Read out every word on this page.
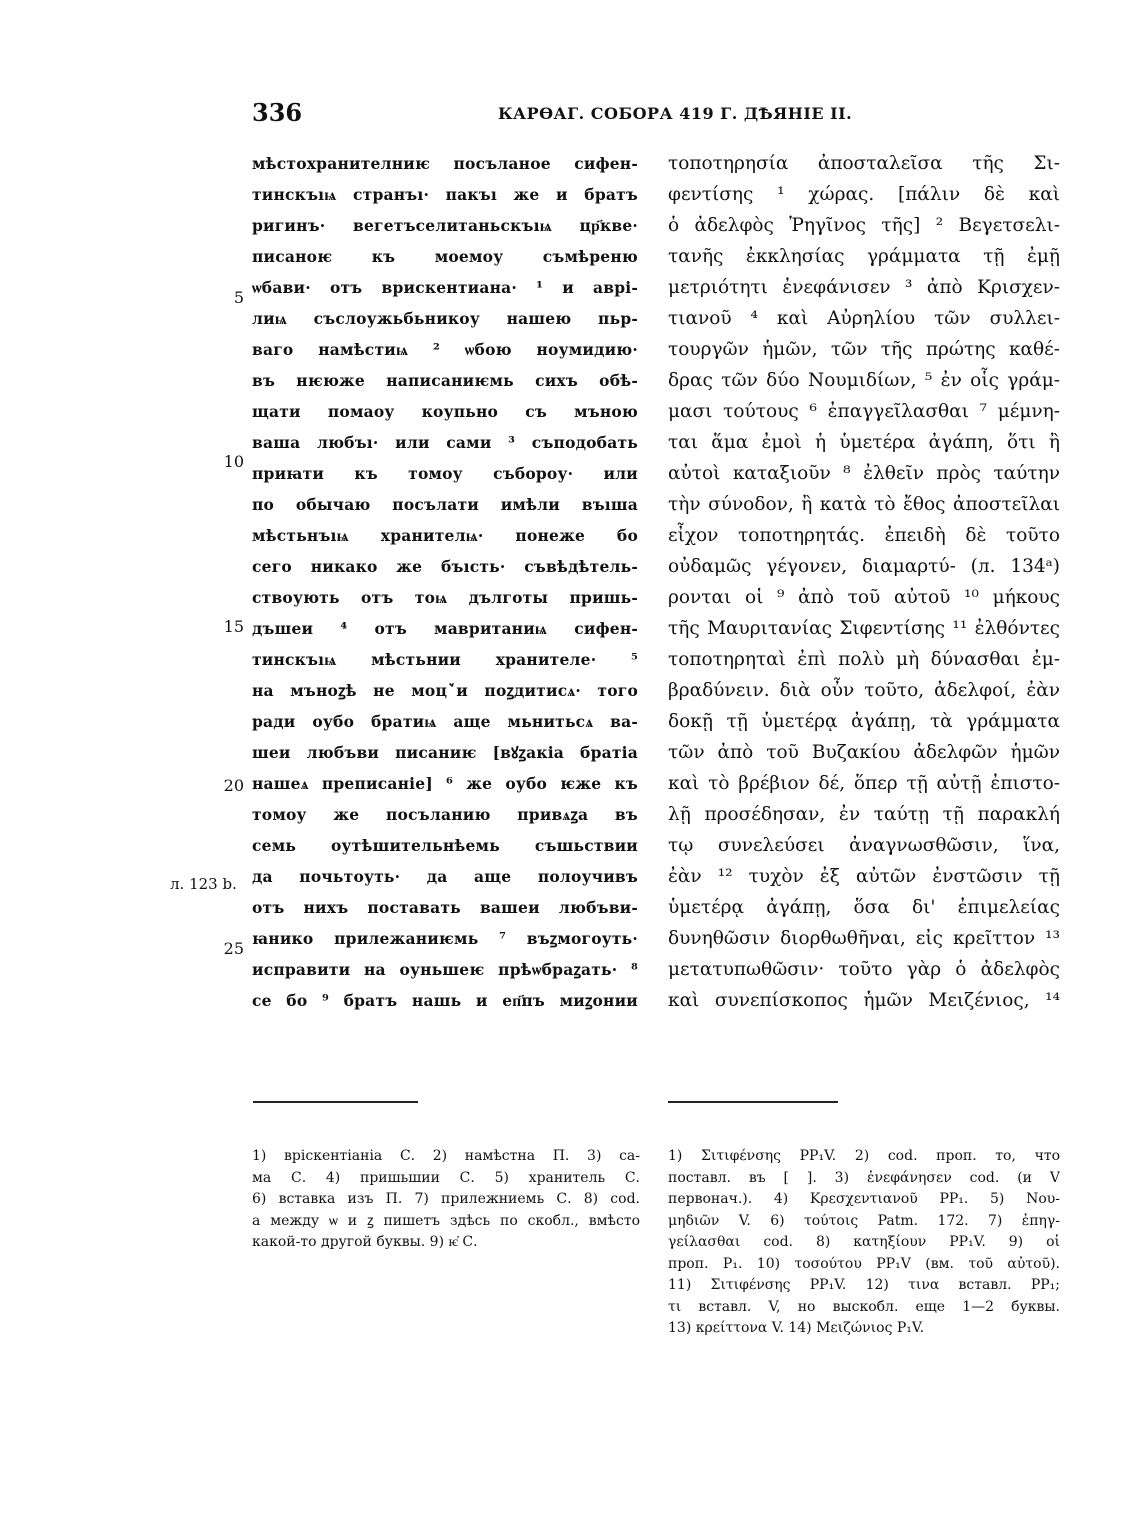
336	КАРѲАГ. СОБОРА 419 Г. ДѢЯНІЕ II.
5
10
15
20
25
л. 123 b.
мѣстохранителниѥ посъланое сифен-
тинскъıѩ странъı· пакъı же и братъ
ригинъ· вегетъселитаньскъıѩ цр҃кве·
писаноѥ къ моемоу съмѣреню
ѡбави· отъ врискентиана· ¹ и аврі-
лиѩ съслоужьбьникоу нашею пьр-
ваго намѣстиѩ ² ѡбою ноумидию·
въ нѥюже написаниѥмь сихъ обѣ-
щати помаоу коупьно съ мъною
ваша любъı· или сами ³ съподобать
приꙗти къ томоу съборoу· или
по обычаю посълати имѣли въıша
мѣстьнъıѩ хранителѩ· понеже бо
сего никако же бъıсть· съвѣдѣтель-
ствоують отъ тоѩ дълготы пришь-
дъшеи ⁴ отъ мавританиѩ сифен-
тинскъıѩ мѣстьнии хранителе· ⁵
на мъноꙁѣ не моцꙿи поꙁдитисѧ· того
ради оубо братиѩ аще мьнитьсѧ ва-
шеи любъви писаниѥ [вꙋꙁакіа братіа
нашеѧ преписаніе] ⁶ же оубо ѥже къ
томоу же посъланию привѧꙁа въ
семь оутѣшительнѣемь съшьствии
да почьтоуть· да аще полоучивъ
отъ нихъ поставать вашеи любъви-
ꙗнико прилежаниѥмь ⁷ въꙁмогоуть·
исправити на оуньшеѥ прѣѡбраꙁать· ⁸
се бо ⁹ братъ нашь и еп҃пъ миꙁонии
τοποτηρησία ἀποσταλεῖσα τῆς Σι-
φεντίσης ¹ χώρας. [πάλιν δὲ καὶ
ὁ ἀδελφὸς Ῥηγῖνος τῆς] ² Βεγετσελι-
τανῆς ἐκκλησίας γράμματα τῇ ἐμῇ
μετριότητι ἐνεφάνισεν ³ ἀπὸ Κρισχεν-
τιανοῦ ⁴ καὶ Αὐρηλίου τῶν συλλει-
τουργῶν ἡμῶν, τῶν τῆς πρώτης καθέ-
δρας τῶν δύο Νουμιδίων, ⁵ ἐν οἷς γράμ-
μασι τούτους ⁶ ἐπαγγεῖλασθαι ⁷ μέμνη-
ται ἅμα ἐμοὶ ἡ ὑμετέρα ἀγάπη, ὅτι ἢ
αὐτοὶ καταξιοῦν ⁸ ἐλθεῖν πρὸς ταύτην
τὴν σύνοδον, ἢ κατὰ τὸ ἔθος ἀποστεῖλαι
εἶχον τοποτηρητάς. ἐπειδὴ δὲ τοῦτο
οὐδαμῶς γέγονεν, διαμαρτύ- (л. 134ᵃ)
ρονται οἱ ⁹ ἀπὸ τοῦ αὐτοῦ ¹⁰ μήκους
τῆς Μαυριτανίας Σιφεντίσης ¹¹ ἐλθόντες
τοποτηρηταὶ ἐπὶ πολὺ μὴ δύνασθαι ἐμ-
βραδύνειν. διὰ οὖν τοῦτο, ἀδελφοί, ἐὰν
δοκῇ τῇ ὑμετέρᾳ ἀγάπῃ, τὰ γράμματα
τῶν ἀπὸ τοῦ Βυζακίου ἀδελφῶν ἡμῶν
καὶ τὸ βρέβιον δέ, ὅπερ τῇ αὐτῇ ἐπιστο-
λῇ προσέδησαν, ἐν ταύτῃ τῇ παρακλή
τῳ συνελεύσει ἀναγνωσθῶσιν, ἵνα,
ἐὰν ¹² τυχὸν ἐξ αὐτῶν ἐνστῶσιν τῇ
ὑμετέρᾳ ἀγάπῃ, ὅσα δι' ἐπιμελείας
δυνηθῶσιν διορθωθῆναι, εἰς κρεῖττον ¹³
μετατυπωθῶσιν· τοῦτο γὰρ ὁ ἀδελφὸς
καὶ συνεπίσκοπος ἡμῶν Μειζένιος, ¹⁴
1) врiскентiанiа С. 2) намѣстна П. 3) са-
ма С. 4) пришьшии С. 5) хранитель С.
6) вставка изъ П. 7) прилежниемь С. 8) cod.
а между ѡ и ꙁ пишетъ здѣсь по скобл., вмѣсто
какой-то другой буквы. 9) ѥ҆ С.
1) Σιτιφένσης PP₁V. 2) cod. проп. то, что
поставл. въ [ ]. 3) ἐνεφάνησεν cod. (и V
первонач.). 4) Κρεσχεντιανοῦ PP₁. 5) Νου-
μηδιῶν V. 6) τούτοις Patm. 172. 7) ἐπηγ-
γείλασθαι cod. 8) κατηξίουν PP₁V. 9) οἱ
проп. P₁. 10) τοσούτου PP₁V (вм. τοῦ αὐτοῦ).
11) Σιτιφένσης PP₁V. 12) τινα вставл. PP₁;
τι вставл. V, но выскобл. еще 1—2 буквы.
13) κρείττονα V. 14) Μειζώνιος P₁V.
